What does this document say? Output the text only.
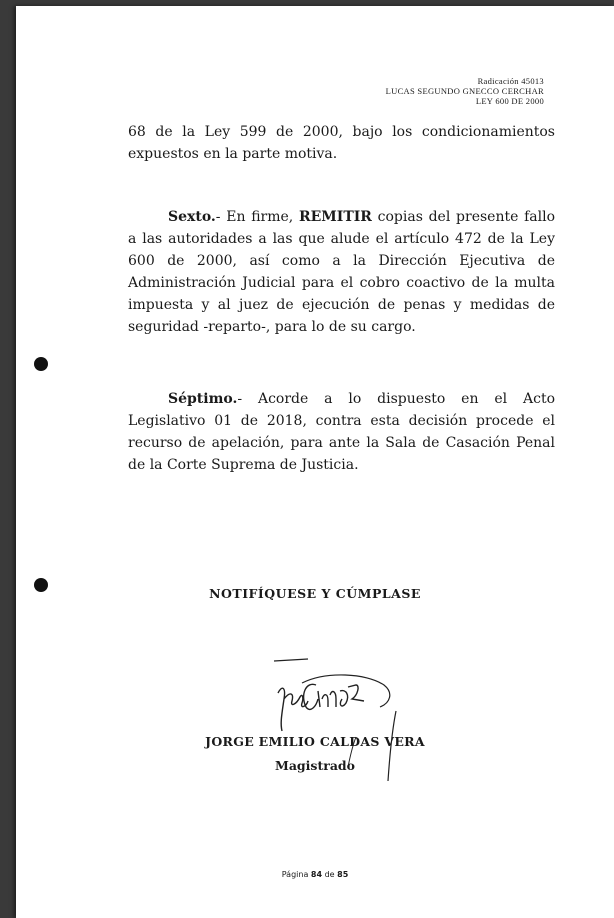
Radicación 45013
LUCAS SEGUNDO GNECCO CERCHAR
LEY 600 DE 2000
68 de la Ley 599 de 2000, bajo los condicionamientos expuestos en la parte motiva.
Sexto.- En firme, REMITIR copias del presente fallo a las autoridades a las que alude el artículo 472 de la Ley 600 de 2000, así como a la Dirección Ejecutiva de Administración Judicial para el cobro coactivo de la multa impuesta y al juez de ejecución de penas y medidas de seguridad -reparto-, para lo de su cargo.
Séptimo.- Acorde a lo dispuesto en el Acto Legislativo 01 de 2018, contra esta decisión procede el recurso de apelación, para ante la Sala de Casación Penal de la Corte Suprema de Justicia.
NOTIFÍQUESE Y CÚMPLASE
JORGE EMILIO CALDAS VERA
Magistrado
Página 84 de 85
